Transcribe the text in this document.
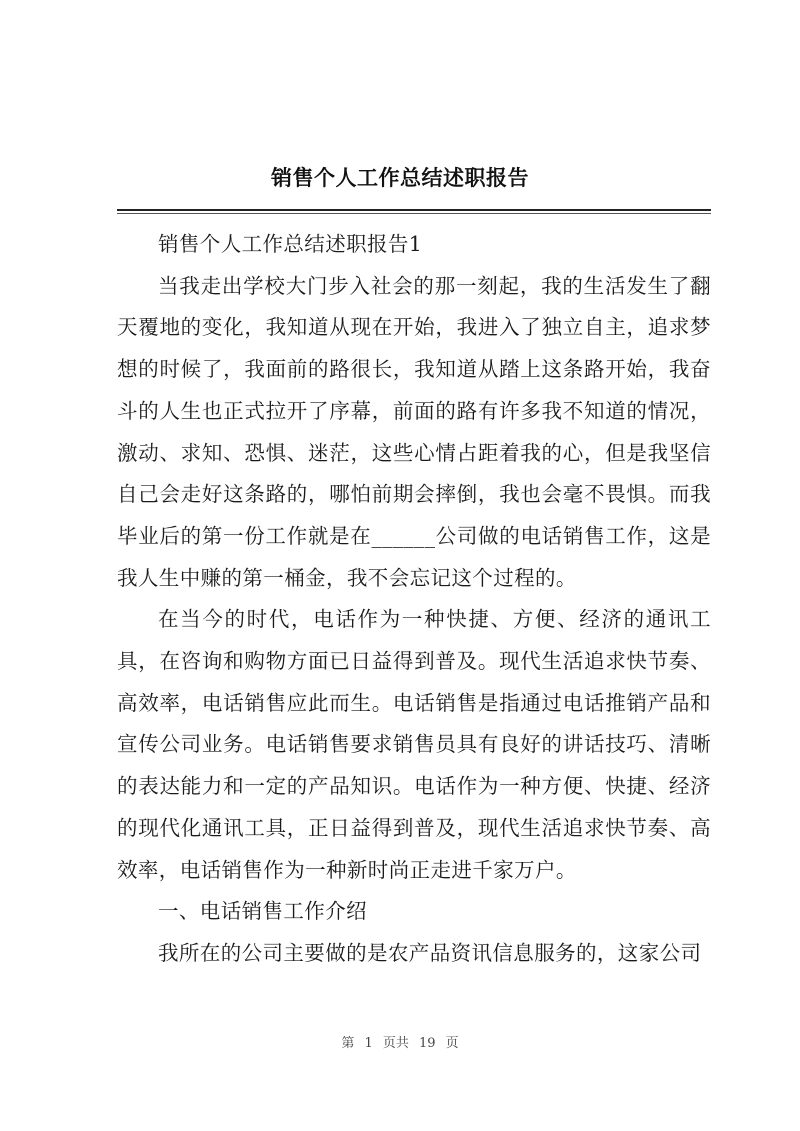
销售个人工作总结述职报告

销售个人工作总结述职报告1

当我走出学校大门步入社会的那一刻起，我的生活发生了翻天覆地的变化，我知道从现在开始，我进入了独立自主，追求梦想的时候了，我面前的路很长，我知道从踏上这条路开始，我奋斗的人生也正式拉开了序幕，前面的路有许多我不知道的情况，激动、求知、恐惧、迷茫，这些心情占距着我的心，但是我坚信自己会走好这条路的，哪怕前期会摔倒，我也会毫不畏惧。而我毕业后的第一份工作就是在______公司做的电话销售工作，这是我人生中赚的第一桶金，我不会忘记这个过程的。

在当今的时代，电话作为一种快捷、方便、经济的通讯工具，在咨询和购物方面已日益得到普及。现代生活追求快节奏、高效率，电话销售应此而生。电话销售是指通过电话推销产品和宣传公司业务。电话销售要求销售员具有良好的讲话技巧、清晰的表达能力和一定的产品知识。电话作为一种方便、快捷、经济的现代化通讯工具，正日益得到普及，现代生活追求快节奏、高效率，电话销售作为一种新时尚正走进千家万户。

一、电话销售工作介绍

我所在的公司主要做的是农产品资讯信息服务的，这家公司

第 1 页共 19 页
